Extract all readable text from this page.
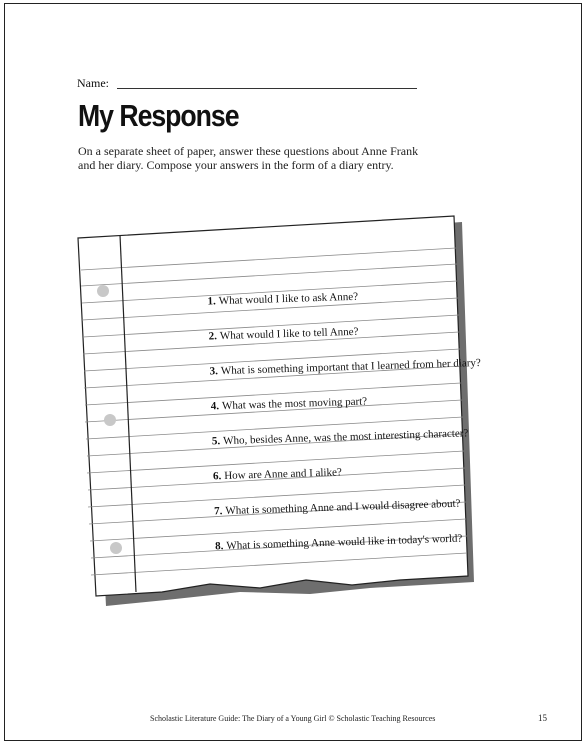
Name:
My Response

On a separate sheet of paper, answer these questions about Anne Frank and her diary. Compose your answers in the form of a diary entry.

1. What would I like to ask Anne?
2. What would I like to tell Anne?
3. What is something important that I learned from her diary?
4. What was the most moving part?
5. Who, besides Anne, was the most interesting character?
6. How are Anne and I alike?
7. What is something Anne and I would disagree about?
8. What is something Anne would like in today's world?
Scholastic Literature Guide: The Diary of a Young Girl © Scholastic Teaching Resources	15
